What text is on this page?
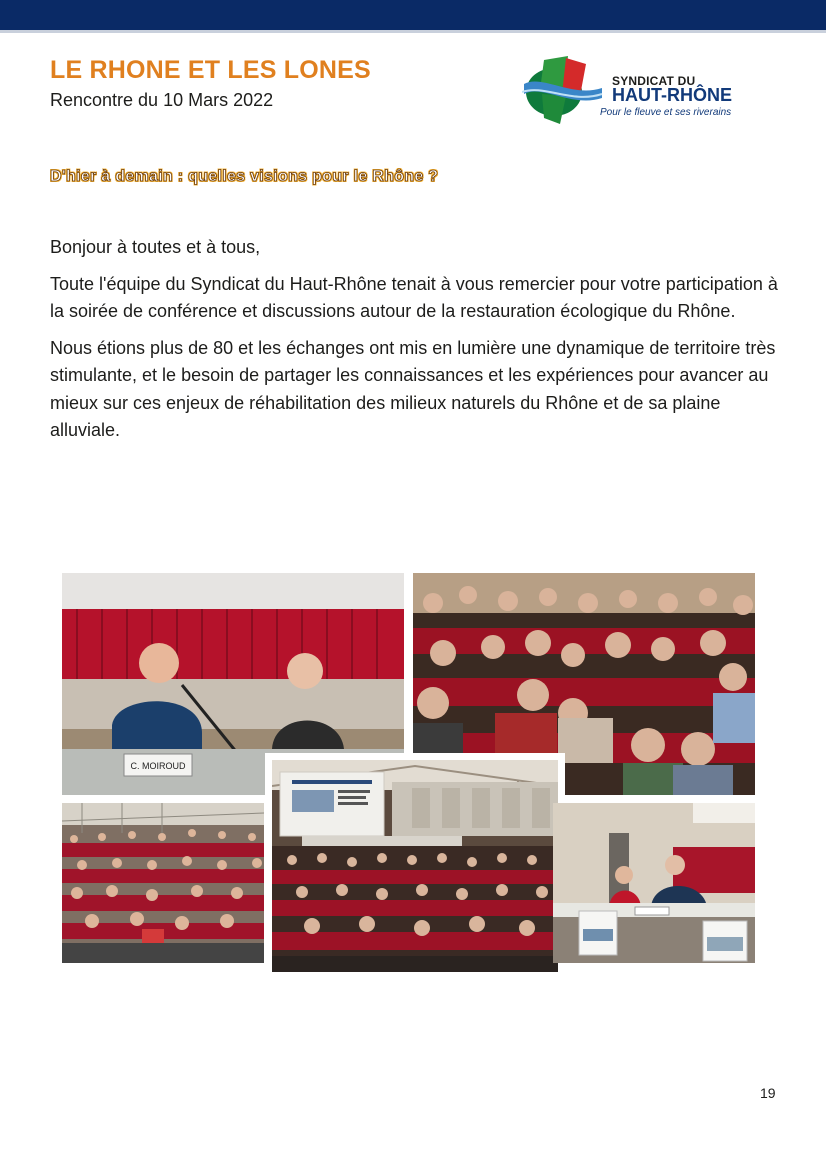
LE RHONE ET LES LONES
Rencontre du 10 Mars 2022
SYNDICAT DU
HAUT-RHÔNE
Pour le fleuve et ses riverains
D'hier à demain : quelles visions pour le Rhône ?

Bonjour à toutes et à tous,

Toute l'équipe du Syndicat du Haut-Rhône tenait à vous remercier pour votre participation à la soirée de conférence et discussions autour de la restauration écologique du Rhône.

Nous étions plus de 80 et les échanges ont mis en lumière une dynamique de territoire très stimulante, et le besoin de partager les connaissances et les expériences pour avancer au mieux sur ces enjeux de réhabilitation des milieux naturels du Rhône et de sa plaine alluviale.

C. MOIROUD
19
